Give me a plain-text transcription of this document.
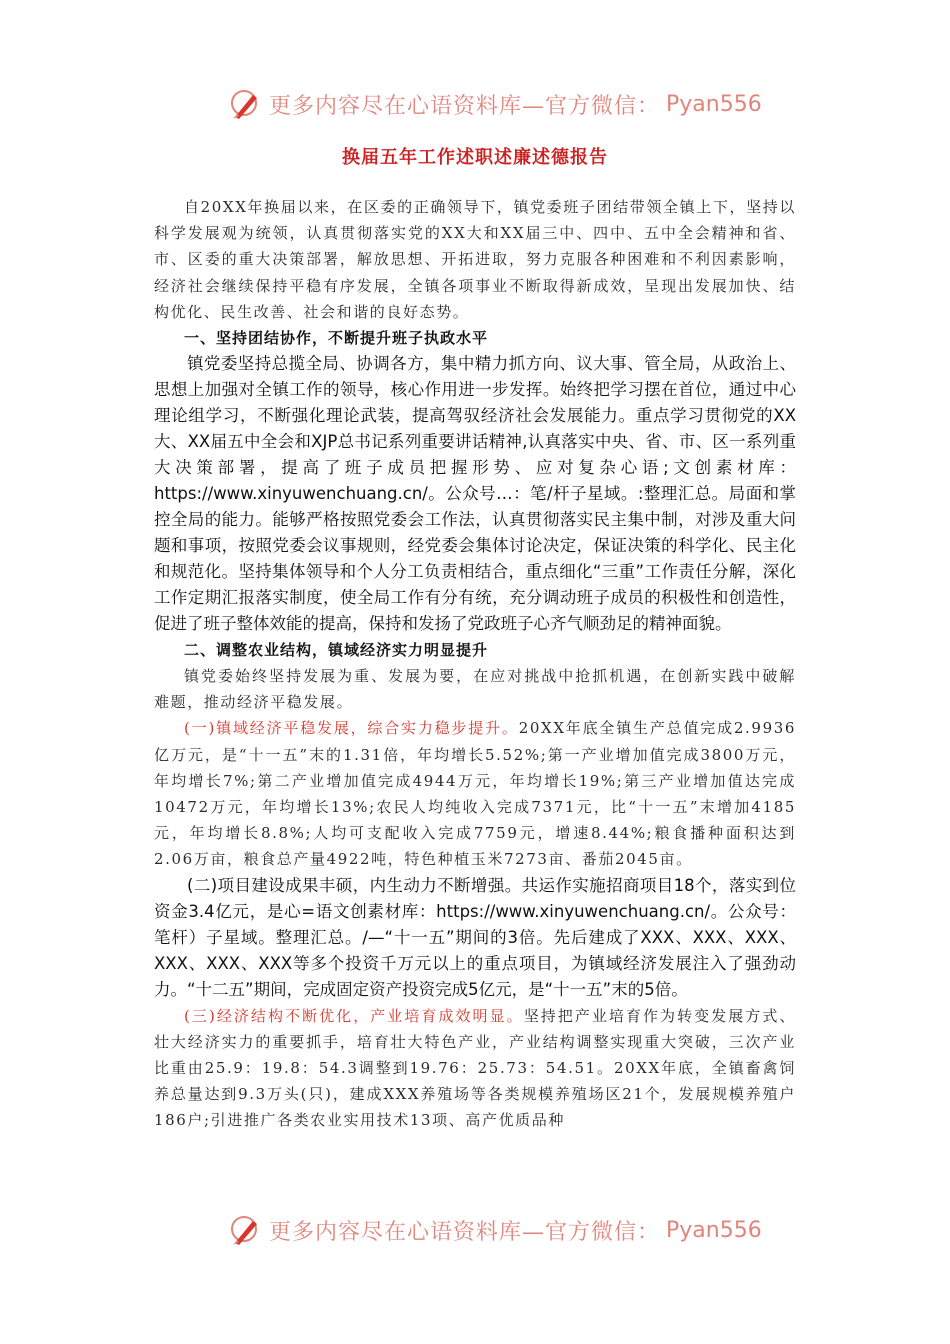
更多内容尽在心语资料库—官方微信： Pyan556
换届五年工作述职述廉述德报告

自20XX年换届以来，在区委的正确领导下，镇党委班子团结带领全镇上下，坚持以科学发展观为统领，认真贯彻落实党的XX大和XX届三中、四中、五中全会精神和省、市、区委的重大决策部署，解放思想、开拓进取，努力克服各种困难和不利因素影响，经济社会继续保持平稳有序发展，全镇各项事业不断取得新成效，呈现出发展加快、结构优化、民生改善、社会和谐的良好态势。

一、坚持团结协作，不断提升班子执政水平

镇党委坚持总揽全局、协调各方，集中精力抓方向、议大事、管全局，从政治上、思想上加强对全镇工作的领导，核心作用进一步发挥。始终把学习摆在首位，通过中心理论组学习，不断强化理论武装，提高驾驭经济社会发展能力。重点学习贯彻党的XX大、XX届五中全会和XJP总书记系列重要讲话精神,认真落实中央、省、市、区一系列重大决策部署，提高了班子成员把握形势、应对复杂心语;文创素材库：https://www.xinyuwenchuang.cn/。公众号…：笔/杆子星域。:整理汇总。局面和掌控全局的能力。能够严格按照党委会工作法，认真贯彻落实民主集中制，对涉及重大问题和事项，按照党委会议事规则，经党委会集体讨论决定，保证决策的科学化、民主化和规范化。坚持集体领导和个人分工负责相结合，重点细化“三重”工作责任分解，深化工作定期汇报落实制度，使全局工作有分有统，充分调动班子成员的积极性和创造性，促进了班子整体效能的提高，保持和发扬了党政班子心齐气顺劲足的精神面貌。

二、调整农业结构，镇域经济实力明显提升

镇党委始终坚持发展为重、发展为要，在应对挑战中抢抓机遇，在创新实践中破解难题，推动经济平稳发展。

(一)镇域经济平稳发展，综合实力稳步提升。20XX年底全镇生产总值完成2.9936亿万元，是“十一五”末的1.31倍，年均增长5.52%;第一产业增加值完成3800万元，年均增长7%;第二产业增加值完成4944万元，年均增长19%;第三产业增加值达完成10472万元，年均增长13%;农民人均纯收入完成7371元，比“十一五”末增加4185元，年均增长8.8%;人均可支配收入完成7759元，增速8.44%;粮食播种面积达到2.06万亩，粮食总产量4922吨，特色种植玉米7273亩、番茄2045亩。

(二)项目建设成果丰硕，内生动力不断增强。共运作实施招商项目18个，落实到位资金3.4亿元，是心=语文创素材库：https://www.xinyuwenchuang.cn/。公众号：笔杆）子星域。整理汇总。/—“十一五”期间的3倍。先后建成了XXX、XXX、XXX、XXX、XXX、XXX等多个投资千万元以上的重点项目，为镇域经济发展注入了强劲动力。“十二五”期间，完成固定资产投资完成5亿元，是“十一五”末的5倍。

(三)经济结构不断优化，产业培育成效明显。坚持把产业培育作为转变发展方式、壮大经济实力的重要抓手，培育壮大特色产业，产业结构调整实现重大突破，三次产业比重由25.9：19.8：54.3调整到19.76：25.73：54.51。20XX年底，全镇畜禽饲养总量达到9.3万头(只)，建成XXX养殖场等各类规模养殖场区21个，发展规模养殖户186户;引进推广各类农业实用技术13项、高产优质品种

更多内容尽在心语资料库—官方微信： Pyan556
